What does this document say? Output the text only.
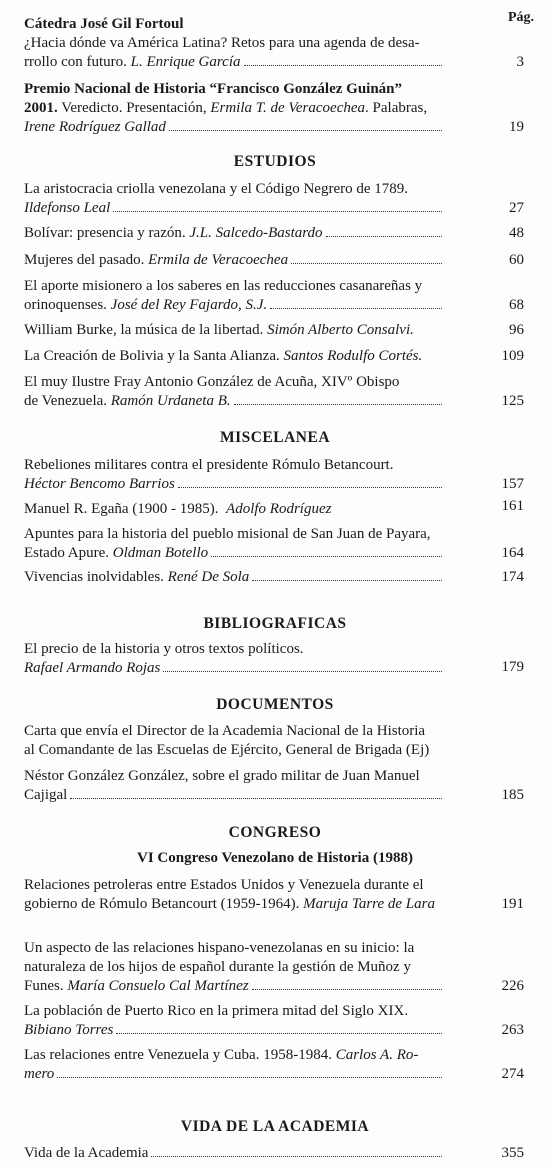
Pág.
Cátedra José Gil Fortoul
¿Hacia dónde va América Latina? Retos para una agenda de desa-
rrollo con futuro.
L. Enrique García	3
Premio Nacional de Historia “Francisco González Guinán”
2001. Veredicto. Presentación, Ermila T. de Veracoechea. Palabras,
Irene Rodríguez Gallad	19
ESTUDIOS
La aristocracia criolla venezolana y el Código Negrero de 1789.
Ildefonso Leal	27
Bolívar: presencia y razón.
J.L. Salcedo-Bastardo	48
Mujeres del pasado.
Ermila de Veracoechea	60
El aporte misionero a los saberes en las reducciones casanareñas y
orinoquenses.
José del Rey Fajardo, S.J.	68
William Burke, la música de la libertad. Simón Alberto Consalvi.	96
La Creación de Bolivia y la Santa Alianza. Santos Rodulfo Cortés.	109
El muy Ilustre Fray Antonio González de Acuña, XIVº Obispo
de Venezuela.
Ramón Urdaneta B.	125
MISCELANEA
Rebeliones militares contra el presidente Rómulo Betancourt.
Héctor Bencomo Barrios	157
Manuel R. Egaña (1900 - 1985). Adolfo Rodríguez	161
Apuntes para la historia del pueblo misional de San Juan de Payara,
Estado Apure.
Oldman Botello	164
Vivencias inolvidables.
René De Sola	174
BIBLIOGRAFICAS
El precio de la historia y otros textos políticos.
Rafael Armando Rojas	179
DOCUMENTOS
Carta que envía el Director de la Academia Nacional de la Historia
al Comandante de las Escuelas de Ejército, General de Brigada (Ej)
Néstor González González, sobre el grado militar de Juan Manuel
Cajigal	185
CONGRESO
VI Congreso Venezolano de Historia (1988)
Relaciones petroleras entre Estados Unidos y Venezuela durante el
gobierno de Rómulo Betancourt (1959-1964). Maruja Tarre de Lara	191
Un aspecto de las relaciones hispano-venezolanas en su inicio: la
naturaleza de los hijos de español durante la gestión de Muñoz y
Funes.
María Consuelo Cal Martínez	226
La población de Puerto Rico en la primera mitad del Siglo XIX.
Bibiano Torres	263
Las relaciones entre Venezuela y Cuba. 1958-1984. Carlos A. Ro-
mero	274
VIDA DE LA ACADEMIA
Vida de la Academia	355
